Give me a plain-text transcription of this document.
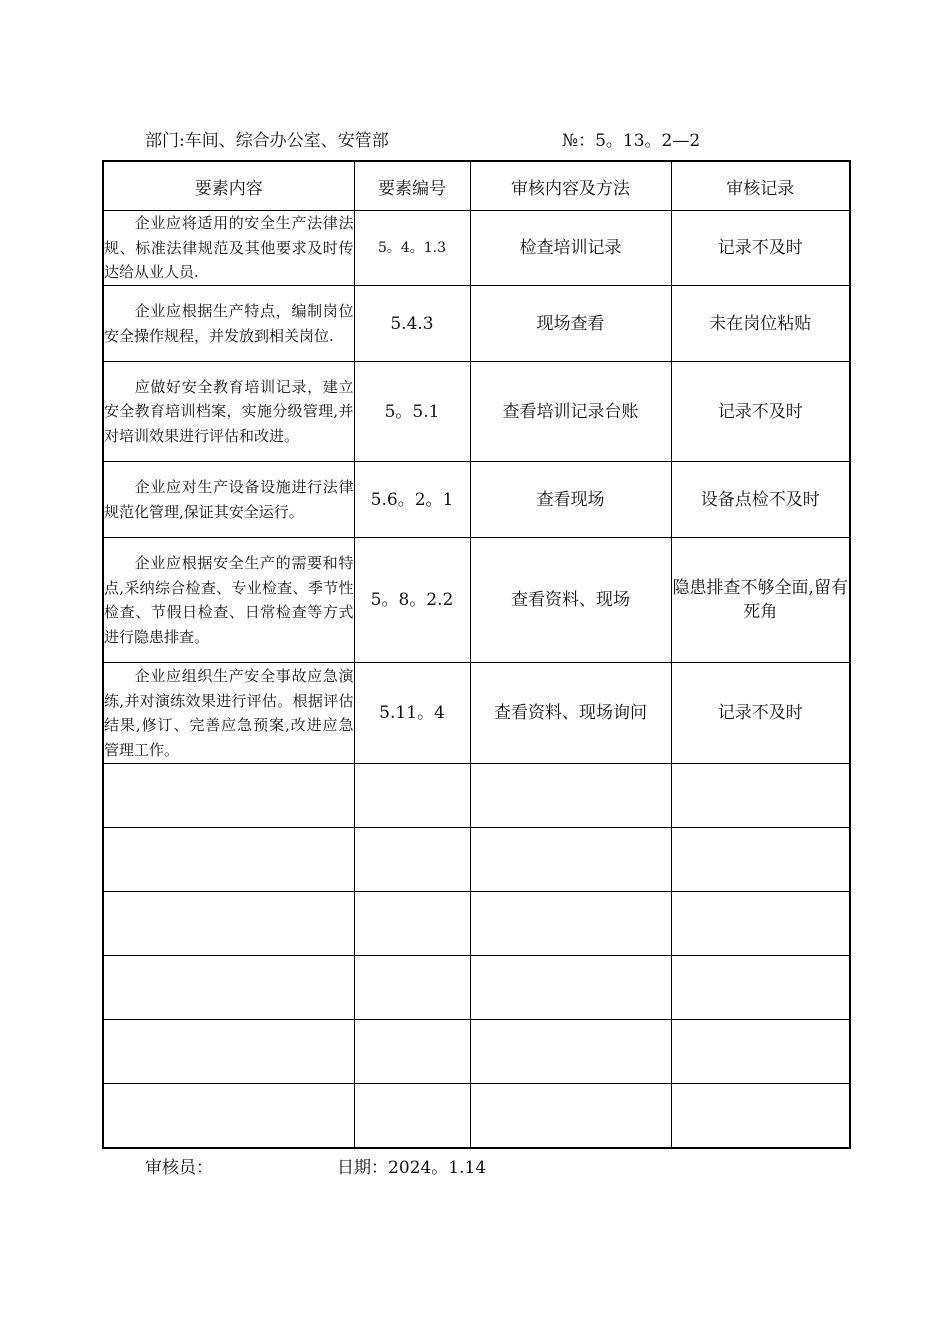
部门:车间、综合办公室、安管部	№：5。13。2—2
要素内容	要素编号	审核内容及方法	审核记录
企业应将适用的安全生产法律法规、标准法律规范及其他要求及时传达给从业人员.	5。4。1.3	检查培训记录	记录不及时
企业应根据生产特点，编制岗位安全操作规程，并发放到相关岗位.	5.4.3	现场查看	未在岗位粘贴
应做好安全教育培训记录，建立安全教育培训档案，实施分级管理,并对培训效果进行评估和改进。	5。5.1	查看培训记录台账	记录不及时
企业应对生产设备设施进行法律规范化管理,保证其安全运行。	5.6。2。1	查看现场	设备点检不及时
企业应根据安全生产的需要和特点,采纳综合检查、专业检查、季节性检查、节假日检查、日常检查等方式进行隐患排查。	5。8。2.2	查看资料、现场	隐患排查不够全面,留有死角
企业应组织生产安全事故应急演练,并对演练效果进行评估。根据评估结果,修订、完善应急预案,改进应急管理工作。	5.11。4	查看资料、现场询问	记录不及时

审核员：	日期：2024。1.14
